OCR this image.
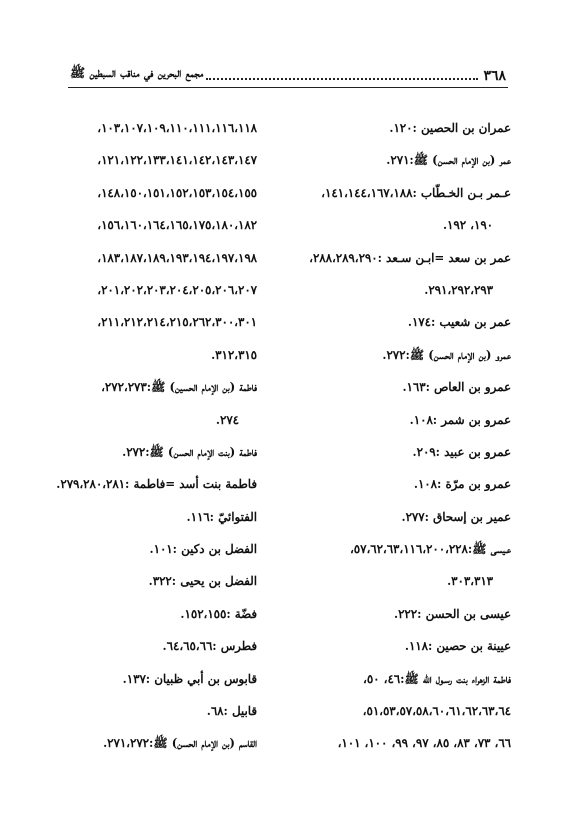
٣٦٨
مجمع البحرين في مناقب السبطين ﷺ
عمران بن الحصين :١٢٠.
عمر (بن الإمام الحسن) ﷺ:٢٧١.
عـمر بـن الخـطّاب :١٤١،١٤٤،١٦٧،١٨٨،
١٩٠، ١٩٢.
عمر بن سعد =ابـن سـعد :٢٨٨،٢٨٩،٢٩٠،
٢٩١،٢٩٢،٢٩٣.
عمر بن شعيب :١٧٤.
عمرو (بن الإمام الحسن) ﷺ:٢٧٢.
عمرو بن العاص :١٦٣.
عمرو بن شمر :١٠٨.
عمرو بن عبيد :٢٠٩.
عمرو بن مرّة :١٠٨.
عمير بن إسحاق :٢٧٧.
عـيسى ﷺ:٥٧،٦٢،٦٣،١١٦،٢٠٠،٢٢٨،
٣٠٣،٣١٣.
عيسى بن الحسن :٢٢٢.
عيينة بن حصين :١١٨.
فاطمة الزهراء بنت رسـول الله ﷺ:٤٦، ٥٠،
٥١،٥٣،٥٧،٥٨،٦٠،٦١،٦٢،٦٣،٦٤،
٦٦، ٧٣، ٨٣، ٨٥، ٩٧، ٩٩، ١٠٠، ١٠١،
١٠٣،١٠٧،١٠٩،١١٠،١١١،١١٦،١١٨،
١٢١،١٢٢،١٣٣،١٤١،١٤٢،١٤٣،١٤٧،
١٤٨،١٥٠،١٥١،١٥٢،١٥٣،١٥٤،١٥٥،
١٥٦،١٦٠،١٦٤،١٦٥،١٧٥،١٨٠،١٨٢،
١٨٣،١٨٧،١٨٩،١٩٣،١٩٤،١٩٧،١٩٨،
٢٠١،٢٠٢،٢٠٣،٢٠٤،٢٠٥،٢٠٦،٢٠٧،
٢١١،٢١٢،٢١٤،٢١٥،٢٦٢،٣٠٠،٣٠١،
٣١٢،٣١٥.
فاطمة (بن الإمام الحسين) ﷺ:٢٧٢،٢٧٣،
٢٧٤.
فاطمة (بنت الإمام الحسن) ﷺ:٢٧٢.
فاطمة بنت أسد =فاطمة :٢٧٩،٢٨٠،٢٨١.
الفتوائيّ :١١٦.
الفضل بن دكين :١٠١.
الفضل بن يحيى :٣٢٢.
فضّة :١٥٢،١٥٥.
فطرس :٦٤،٦٥،٦٦.
قابوس بن أبي ظبيان :١٣٧.
قابيل :٦٨.
القاسم (بن الإمام الحسن) ﷺ:٢٧١،٢٧٢.
